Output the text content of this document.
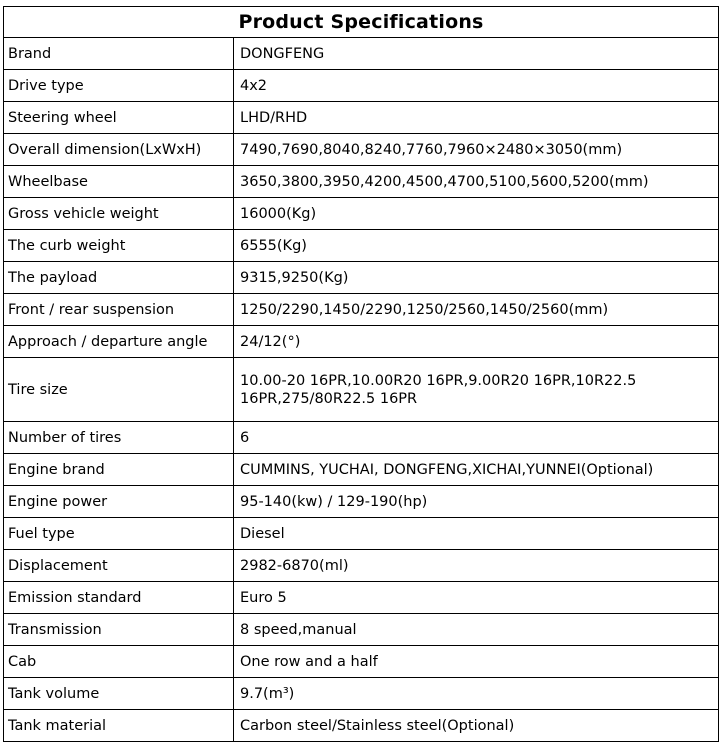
Product Specifications	
Brand	DONGFENG
Drive type	4x2
Steering wheel	LHD/RHD
Overall dimension(LxWxH)	7490,7690,8040,8240,7760,7960×2480×3050(mm)
Wheelbase	3650,3800,3950,4200,4500,4700,5100,5600,5200(mm)
Gross vehicle weight	16000(Kg)
The curb weight	6555(Kg)
The payload	9315,9250(Kg)
Front / rear suspension	1250/2290,1450/2290,1250/2560,1450/2560(mm)
Approach / departure angle	24/12(°)
Tire size	10.00-20 16PR,10.00R20 16PR,9.00R20 16PR,10R22.5 16PR,275/80R22.5 16PR
Number of tires	6
Engine brand	CUMMINS, YUCHAI, DONGFENG,XICHAI,YUNNEI(Optional)
Engine power	95-140(kw) / 129-190(hp)
Fuel type	Diesel
Displacement	2982-6870(ml)
Emission standard	Euro 5
Transmission	8 speed,manual
Cab	One row and a half
Tank volume	9.7(m³)
Tank material	Carbon steel/Stainless steel(Optional)
